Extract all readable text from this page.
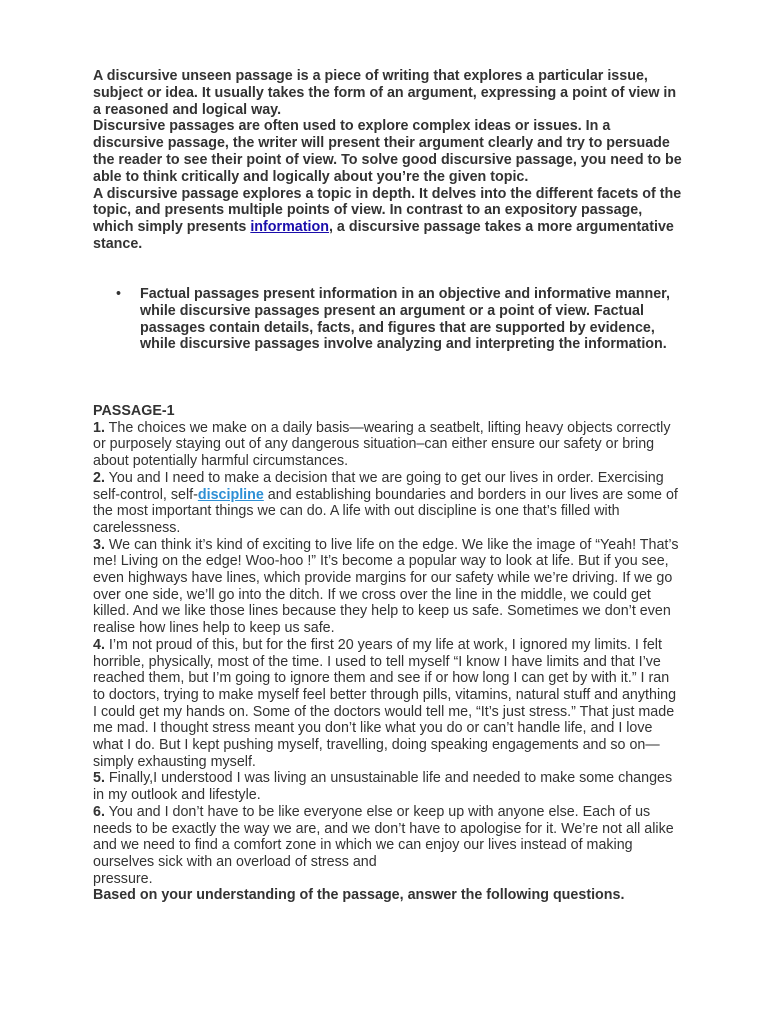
A discursive unseen passage is a piece of writing that explores a particular issue, subject or idea. It usually takes the form of an argument, expressing a point of view in a reasoned and logical way.

Discursive passages are often used to explore complex ideas or issues. In a discursive passage, the writer will present their argument clearly and try to persuade the reader to see their point of view. To solve good discursive passage, you need to be able to think critically and logically about you’re the given topic.

A discursive passage explores a topic in depth. It delves into the different facets of the topic, and presents multiple points of view. In contrast to an expository passage, which simply presents information, a discursive passage takes a more argumentative stance.

• Factual passages present information in an objective and informative manner, while discursive passages present an argument or a point of view. Factual passages contain details, facts, and figures that are supported by evidence, while discursive passages involve analyzing and interpreting the information.

PASSAGE-1

1. The choices we make on a daily basis—wearing a seatbelt, lifting heavy objects correctly or purposely staying out of any dangerous situation–can either ensure our safety or bring about potentially harmful circumstances.

2. You and I need to make a decision that we are going to get our lives in order. Exercising self-control, self-discipline and establishing boundaries and borders in our lives are some of the most important things we can do. A life with out discipline is one that’s filled with carelessness.

3. We can think it’s kind of exciting to live life on the edge. We like the image of “Yeah! That’s me! Living on the edge! Woo-hoo !” It’s become a popular way to look at life. But if you see, even highways have lines, which provide margins for our safety while we’re driving. If we go over one side, we’ll go into the ditch. If we cross over the line in the middle, we could get killed. And we like those lines because they help to keep us safe. Sometimes we don’t even realise how lines help to keep us safe.

4. I’m not proud of this, but for the first 20 years of my life at work, I ignored my limits. I felt horrible, physically, most of the time. I used to tell myself “I know I have limits and that I’ve reached them, but I’m going to ignore them and see if or how long I can get by with it.” I ran to doctors, trying to make myself feel better through pills, vitamins, natural stuff and anything I could get my hands on. Some of the doctors would tell me, “It’s just stress.” That just made me mad. I thought stress meant you don’t like what you do or can’t handle life, and I love what I do. But I kept pushing myself, travelling, doing speaking engagements and so on— simply exhausting myself.

5. Finally,I understood I was living an unsustainable life and needed to make some changes in my outlook and lifestyle.

6. You and I don’t have to be like everyone else or keep up with anyone else. Each of us needs to be exactly the way we are, and we don’t have to apologise for it. We’re not all alike and we need to find a comfort zone in which we can enjoy our lives instead of making ourselves sick with an overload of stress and
pressure.

Based on your understanding of the passage, answer the following questions.
